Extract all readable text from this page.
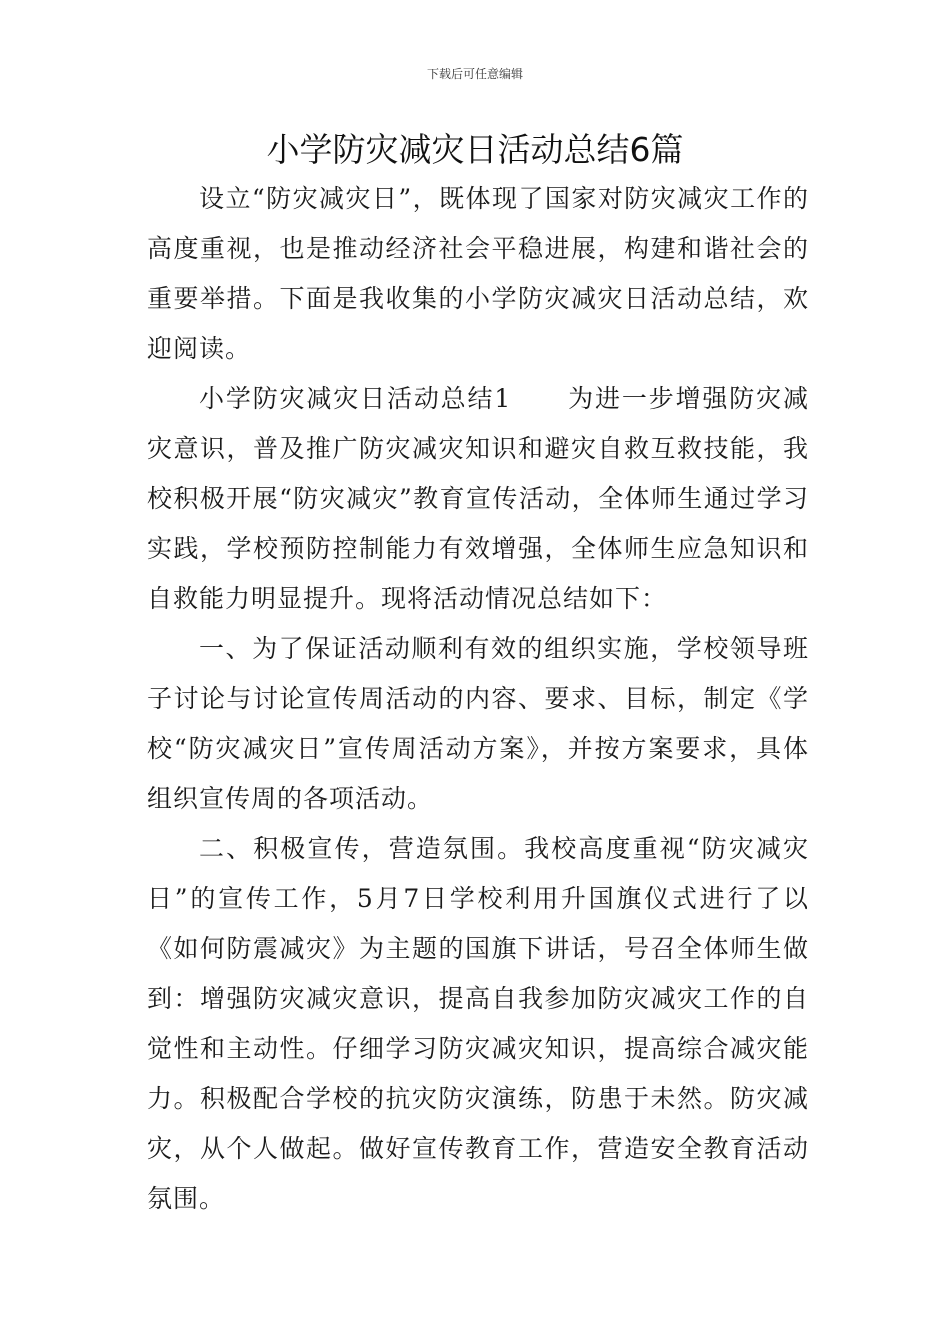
下载后可任意编辑
小学防灾减灾日活动总结6篇

设立“防灾减灾日”，既体现了国家对防灾减灾工作的高度重视，也是推动经济社会平稳进展，构建和谐社会的重要举措。下面是我收集的小学防灾减灾日活动总结，欢迎阅读。

小学防灾减灾日活动总结1 为进一步增强防灾减灾意识，普及推广防灾减灾知识和避灾自救互救技能，我校积极开展“防灾减灾”教育宣传活动，全体师生通过学习实践，学校预防控制能力有效增强，全体师生应急知识和自救能力明显提升。现将活动情况总结如下：

一、为了保证活动顺利有效的组织实施，学校领导班子讨论与讨论宣传周活动的内容、要求、目标，制定《学校“防灾减灾日”宣传周活动方案》，并按方案要求，具体组织宣传周的各项活动。

二、积极宣传，营造氛围。我校高度重视“防灾减灾日”的宣传工作，5月7日学校利用升国旗仪式进行了以《如何防震减灾》为主题的国旗下讲话，号召全体师生做到：增强防灾减灾意识，提高自我参加防灾减灾工作的自觉性和主动性。仔细学习防灾减灾知识，提高综合减灾能力。积极配合学校的抗灾防灾演练，防患于未然。防灾减灾，从个人做起。做好宣传教育工作，营造安全教育活动氛围。
